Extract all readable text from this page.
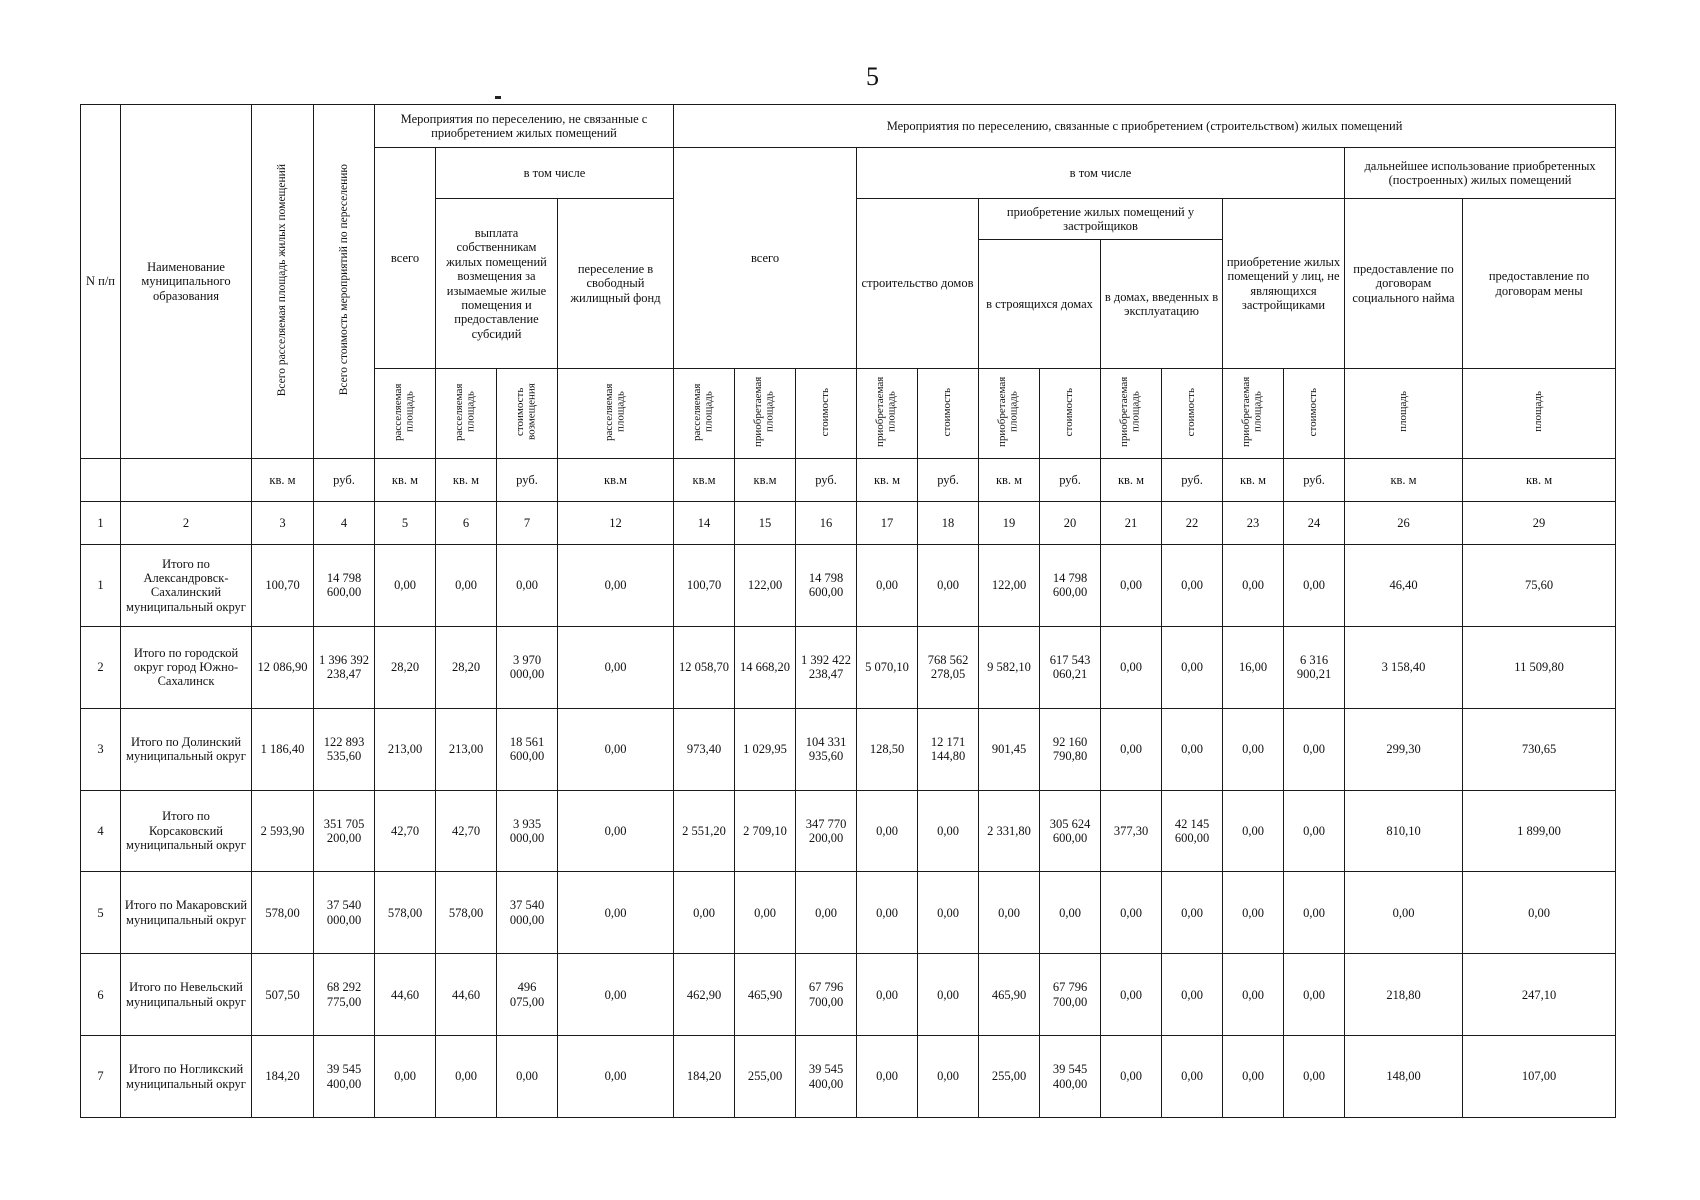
5
N п/п	Наименование муниципального образования	Всего расселяемая площадь жилых помещений	Всего стоимость мероприятий по переселению	Мероприятия по переселению, не связанные с приобретением жилых помещений				Мероприятия по переселению, связанные с приобретением (строительством) жилых помещений												
				всего	в том числе			всего			в том числе								дальнейшее использование приобретенных (построенных) жилых помещений	
					выплата собственникам жилых помещений возмещения за изымаемые жилые помещения и предоставление субсидий		переселение в свободный жилищный фонд				строительство домов		приобретение жилых помещений у застройщиков				приобретение жилых помещений у лиц, не являющихся застройщиками		предоставление по договорам социального найма	предоставление по договорам мены
													в строящихся домах		в домах, введенных в эксплуатацию					
				расселяемая площадь	расселяемая площадь	стоимость возмещения	расселяемая площадь	расселяемая площадь	приобретаемая площадь	стоимость	приобретаемая площадь	стоимость	приобретаемая площадь	стоимость	приобретаемая площадь	стоимость	приобретаемая площадь	стоимость	площадь	площадь
		кв. м	руб.	кв. м	кв. м	руб.	кв.м	кв.м	кв.м	руб.	кв. м	руб.	кв. м	руб.	кв. м	руб.	кв. м	руб.	кв. м	кв. м
1	2	3	4	5	6	7	12	14	15	16	17	18	19	20	21	22	23	24	26	29
1	Итого по Александровск-Сахалинский муниципальный округ	100,70	14 798 600,00	0,00	0,00	0,00	0,00	100,70	122,00	14 798 600,00	0,00	0,00	122,00	14 798 600,00	0,00	0,00	0,00	0,00	46,40	75,60
2	Итого по городской округ город Южно-Сахалинск	12 086,90	1 396 392 238,47	28,20	28,20	3 970 000,00	0,00	12 058,70	14 668,20	1 392 422 238,47	5 070,10	768 562 278,05	9 582,10	617 543 060,21	0,00	0,00	16,00	6 316 900,21	3 158,40	11 509,80
3	Итого по Долинский муниципальный округ	1 186,40	122 893 535,60	213,00	213,00	18 561 600,00	0,00	973,40	1 029,95	104 331 935,60	128,50	12 171 144,80	901,45	92 160 790,80	0,00	0,00	0,00	0,00	299,30	730,65
4	Итого по Корсаковский муниципальный округ	2 593,90	351 705 200,00	42,70	42,70	3 935 000,00	0,00	2 551,20	2 709,10	347 770 200,00	0,00	0,00	2 331,80	305 624 600,00	377,30	42 145 600,00	0,00	0,00	810,10	1 899,00
5	Итого по Макаровский муниципальный округ	578,00	37 540 000,00	578,00	578,00	37 540 000,00	0,00	0,00	0,00	0,00	0,00	0,00	0,00	0,00	0,00	0,00	0,00	0,00	0,00	0,00
6	Итого по Невельский муниципальный округ	507,50	68 292 775,00	44,60	44,60	496 075,00	0,00	462,90	465,90	67 796 700,00	0,00	0,00	465,90	67 796 700,00	0,00	0,00	0,00	0,00	218,80	247,10
7	Итого по Ногликский муниципальный округ	184,20	39 545 400,00	0,00	0,00	0,00	0,00	184,20	255,00	39 545 400,00	0,00	0,00	255,00	39 545 400,00	0,00	0,00	0,00	0,00	148,00	107,00
